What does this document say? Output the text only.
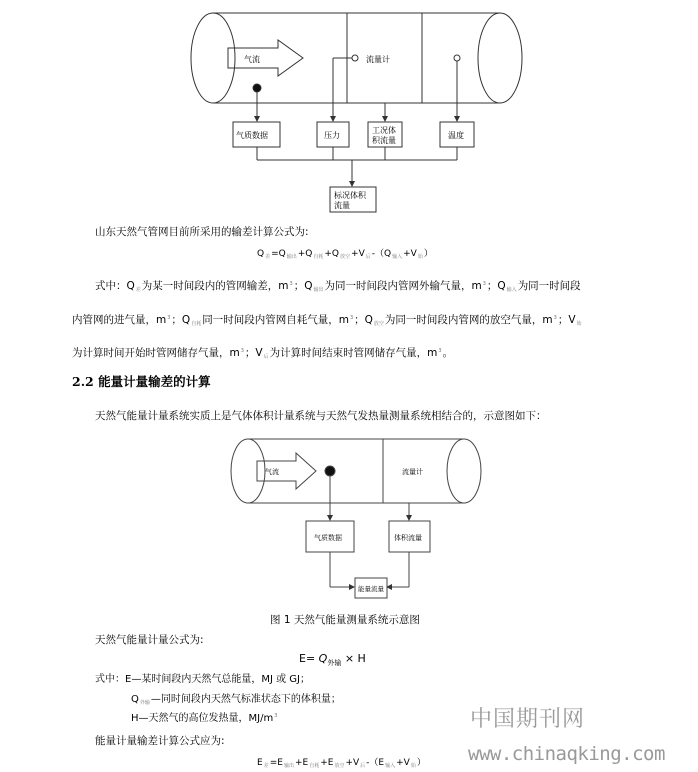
气流	流量计
气质数据	压力
工况体
积流量
温度
标况体积
流量
山东天然气管网目前所采用的输差计算公式为:
$Q_差=Q_{输出}+Q_{自耗}+Q_{放空}+V_后-(Q_{输入}+V_始)$
式中：Q差为某一时间段内的管网输差，$m^3$；Q输出为同一时间段内管网外输气量，$m^3$；Q输入为同一时间段
内管网的进气量，$m^3$；Q自耗同一时间段内管网自耗气量，$m^3$；Q放空为同一时间段内管网的放空气量，$m^3$；V始
为计算时间开始时管网储存气量，$m^3$；V后为计算时间结束时管网储存气量，$m^3$。
2.2 能量计量输差的计算
天然气能量计量系统实质上是气体体积计量系统与天然气发热量测量系统相结合的，示意图如下：
气流	流量计
气质数据	体积流量
能量流量
图 1 天然气能量测量系统示意图
天然气能量计量公式为:
$E= Q_{外输} \times H$
式中：E—某时间段内天然气总能量，MJ 或 GJ；
$Q_{外输}—$同时间段内天然气标准状态下的体积量；
H—天然气的高位发热量，$MJ/m^3$
能量计量输差计算公式应为:
$E_差=E_{输出}+E_{自耗}+E_{放空}+V_后-(E_{输入}+V_始)$
中国期刊网
www.chinaqking.com
